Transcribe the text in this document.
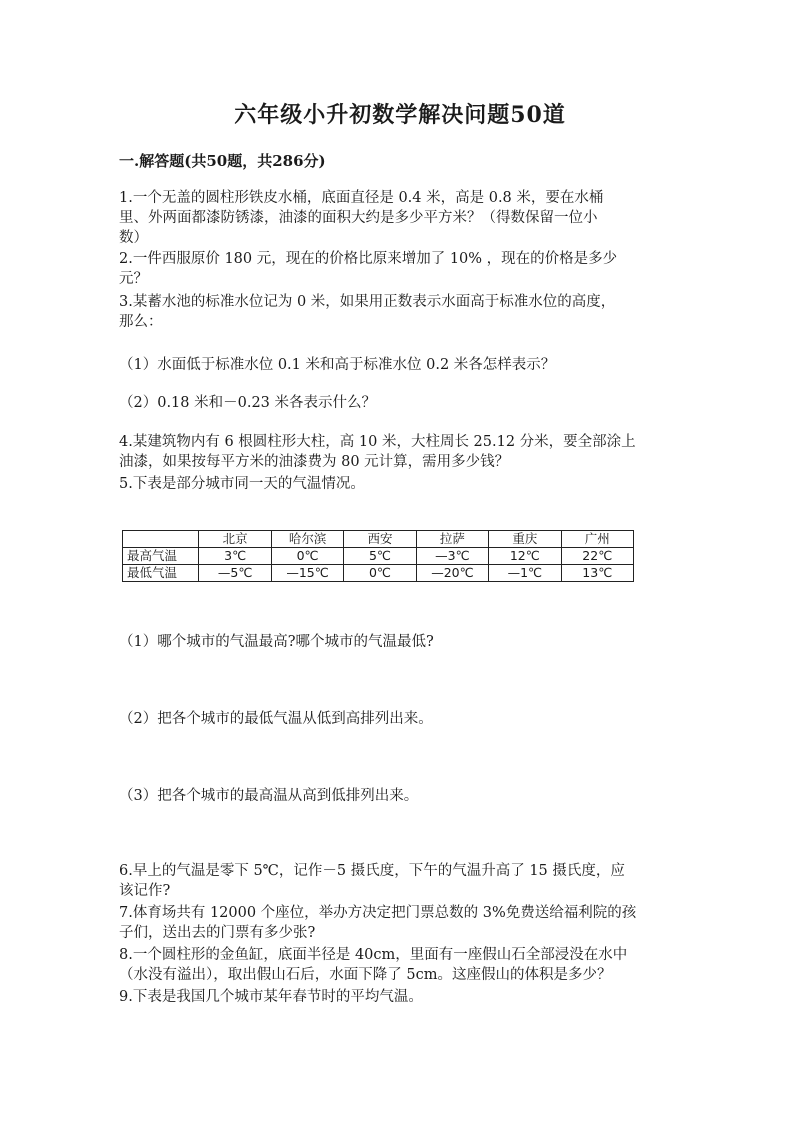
六年级小升初数学解决问题50道
一.解答题(共50题，共286分)
1.一个无盖的圆柱形铁皮水桶，底面直径是 0.4 米，高是 0.8 米，要在水桶
里、外两面都漆防锈漆，油漆的面积大约是多少平方米？（得数保留一位小
数）
2.一件西服原价 180 元，现在的价格比原来增加了 10% ，现在的价格是多少
元？
3.某蓄水池的标准水位记为 0 米，如果用正数表示水面高于标准水位的高度，
那么：
（1）水面低于标准水位 0.1 米和高于标准水位 0.2 米各怎样表示？
（2）0.18 米和－0.23 米各表示什么？
4.某建筑物内有 6 根圆柱形大柱，高 10 米，大柱周长 25.12 分米，要全部涂上
油漆，如果按每平方米的油漆费为 80 元计算，需用多少钱？
5.下表是部分城市同一天的气温情况。
	北京	哈尔滨	西安	拉萨	重庆	广州
最高气温	3℃	0℃	5℃	—3℃	12℃	22℃
最低气温	—5℃	—15℃	0℃	—20℃	—1℃	13℃
（1）哪个城市的气温最高?哪个城市的气温最低?
（2）把各个城市的最低气温从低到高排列出来。
（3）把各个城市的最高温从高到低排列出来。
6.早上的气温是零下 5℃，记作－5 摄氏度，下午的气温升高了 15 摄氏度，应
该记作?
7.体育场共有 12000 个座位，举办方决定把门票总数的 3%免费送给福利院的孩
子们，送出去的门票有多少张?
8.一个圆柱形的金鱼缸，底面半径是 40cm，里面有一座假山石全部浸没在水中
（水没有溢出），取出假山石后，水面下降了 5cm。这座假山的体积是多少？
9.下表是我国几个城市某年春节时的平均气温。
